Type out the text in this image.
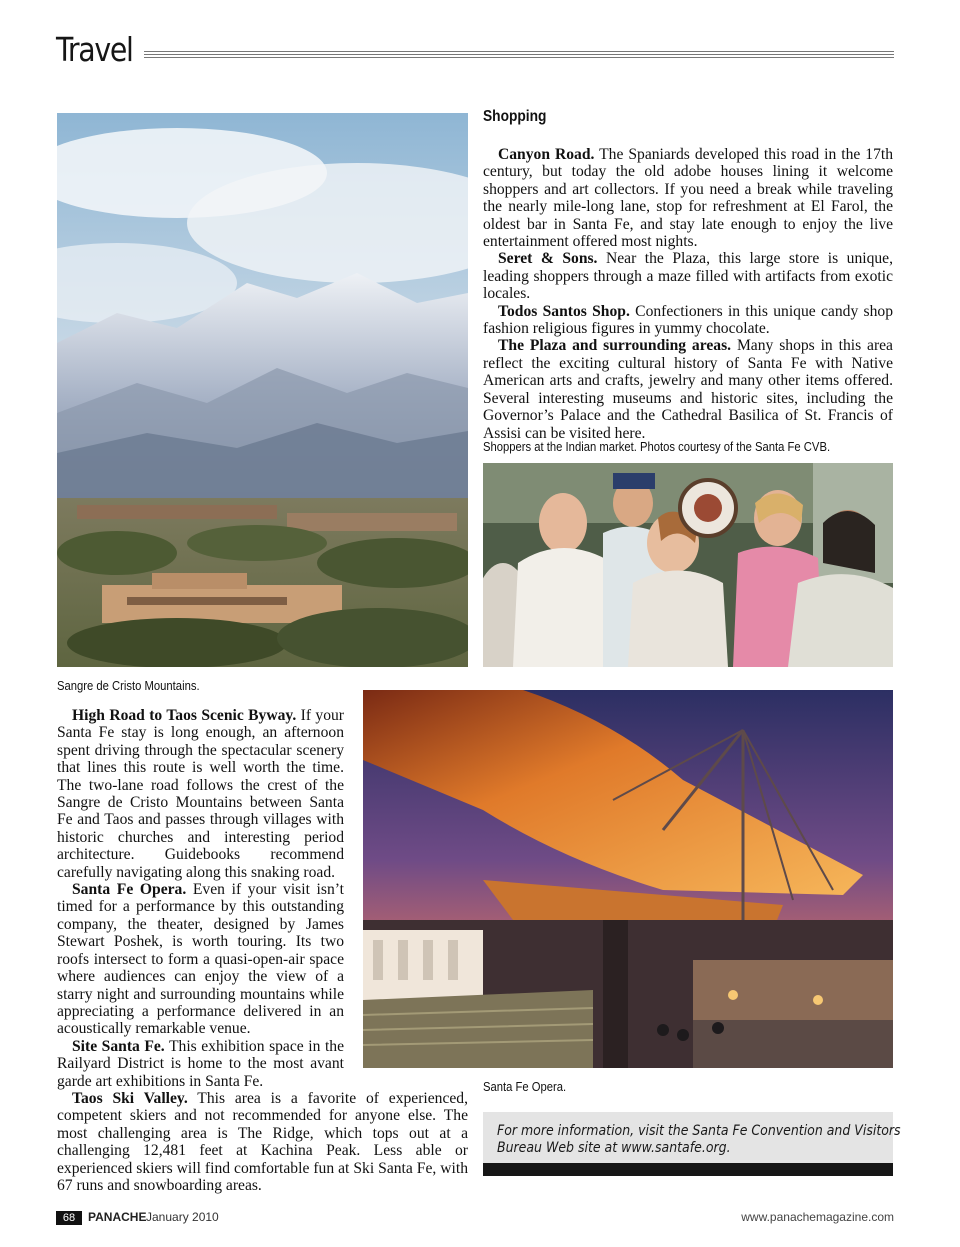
Travel
Sangre de Cristo Mountains.
Shopping

Canyon Road. The Spaniards developed this road in the 17th century, but today the old adobe houses lining it welcome shoppers and art collectors. If you need a break while traveling the nearly mile-long lane, stop for refreshment at El Farol, the oldest bar in Santa Fe, and stay late enough to enjoy the live entertainment offered most nights.

Seret & Sons. Near the Plaza, this large store is unique, leading shoppers through a maze filled with artifacts from exotic locales.

Todos Santos Shop. Confectioners in this unique candy shop fashion religious figures in yummy chocolate.

The Plaza and surrounding areas. Many shops in this area reflect the exciting cultural history of Santa Fe with Native American arts and crafts, jewelry and many other items offered. Several interesting museums and historic sites, including the Governor’s Palace and the Cathedral Basilica of St. Francis of Assisi can be visited here.

Shoppers at the Indian market. Photos courtesy of the Santa Fe CVB.
Santa Fe Opera.

High Road to Taos Scenic Byway. If your Santa Fe stay is long enough, an afternoon spent driving through the spectacular scenery that lines this route is well worth the time. The two-lane road follows the crest of the Sangre de Cristo Mountains between Santa Fe and Taos and passes through villages with historic churches and interesting period architecture. Guidebooks recommend carefully navigating along this snaking road.

Santa Fe Opera. Even if your visit isn’t timed for a performance by this outstanding company, the theater, designed by James Stewart Poshek, is worth touring. Its two roofs intersect to form a quasi-open-air space where audiences can enjoy the view of a starry night and surrounding mountains while appreciating a performance delivered in an acoustically remarkable venue.

Site Santa Fe. This exhibition space in the Railyard District is home to the most avant garde art exhibitions in Santa Fe.

Taos Ski Valley. This area is a favorite of experienced, competent skiers and not recommended for anyone else. The most challenging area is The Ridge, which tops out at a challenging 12,481 feet at Kachina Peak. Less able or experienced skiers will find comfortable fun at Ski Santa Fe, with 67 runs and snowboarding areas.

For more information, visit the Santa Fe Convention and Visitors
Bureau Web site at www.santafe.org.
68	PANACHE January 2010	www.panachemagazine.com
